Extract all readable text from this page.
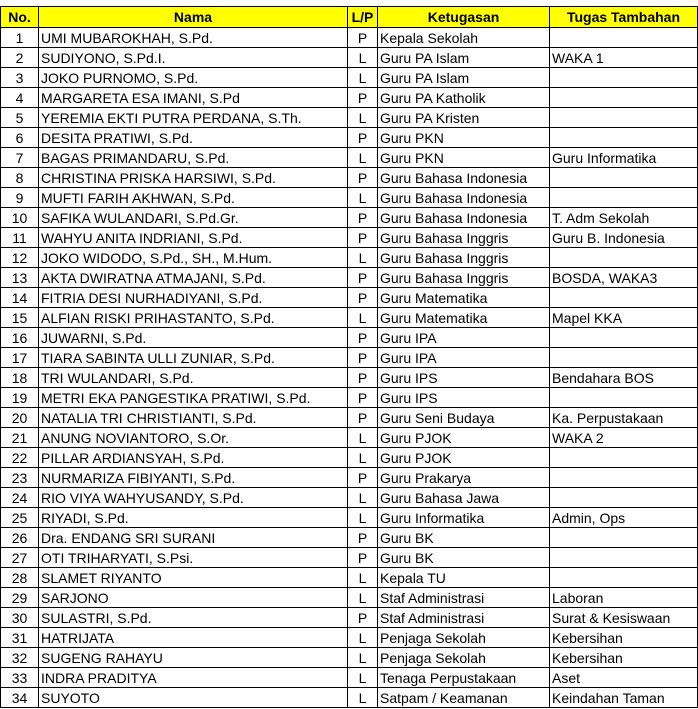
No.	Nama	L/P	Ketugasan	Tugas Tambahan
1	UMI MUBAROKHAH, S.Pd.	P	Kepala Sekolah	
2	SUDIYONO, S.Pd.I.	L	Guru PA Islam	WAKA 1
3	JOKO PURNOMO, S.Pd.	L	Guru PA Islam	
4	MARGARETA ESA IMANI, S.Pd	P	Guru PA Katholik	
5	YEREMIA EKTI PUTRA PERDANA, S.Th.	L	Guru PA Kristen	
6	DESITA PRATIWI, S.Pd.	P	Guru PKN	
7	BAGAS PRIMANDARU, S.Pd.	L	Guru PKN	Guru Informatika
8	CHRISTINA PRISKA HARSIWI, S.Pd.	P	Guru Bahasa Indonesia	
9	MUFTI FARIH AKHWAN, S.Pd.	L	Guru Bahasa Indonesia	
10	SAFIKA WULANDARI, S.Pd.Gr.	P	Guru Bahasa Indonesia	T. Adm Sekolah
11	WAHYU ANITA INDRIANI, S.Pd.	P	Guru Bahasa Inggris	Guru B. Indonesia
12	JOKO WIDODO, S.Pd., SH., M.Hum.	L	Guru Bahasa Inggris	
13	AKTA DWIRATNA ATMAJANI, S.Pd.	P	Guru Bahasa Inggris	BOSDA, WAKA3
14	FITRIA DESI NURHADIYANI, S.Pd.	P	Guru Matematika	
15	ALFIAN RISKI PRIHASTANTO, S.Pd.	L	Guru Matematika	Mapel KKA
16	JUWARNI, S.Pd.	P	Guru IPA	
17	TIARA SABINTA ULLI ZUNIAR, S.Pd.	P	Guru IPA	
18	TRI WULANDARI, S.Pd.	P	Guru IPS	Bendahara BOS
19	METRI EKA PANGESTIKA PRATIWI, S.Pd.	P	Guru IPS	
20	NATALIA TRI CHRISTIANTI, S.Pd.	P	Guru Seni Budaya	Ka. Perpustakaan
21	ANUNG NOVIANTORO, S.Or.	L	Guru PJOK	WAKA 2
22	PILLAR ARDIANSYAH, S.Pd.	L	Guru PJOK	
23	NURMARIZA FIBIYANTI, S.Pd.	P	Guru Prakarya	
24	RIO VIYA WAHYUSANDY, S.Pd.	L	Guru Bahasa Jawa	
25	RIYADI, S.Pd.	L	Guru Informatika	Admin, Ops
26	Dra. ENDANG SRI SURANI	P	Guru BK	
27	OTI TRIHARYATI, S.Psi.	P	Guru BK	
28	SLAMET RIYANTO	L	Kepala TU	
29	SARJONO	L	Staf Administrasi	Laboran
30	SULASTRI, S.Pd.	P	Staf Administrasi	Surat & Kesiswaan
31	HATRIJATA	L	Penjaga Sekolah	Kebersihan
32	SUGENG RAHAYU	L	Penjaga Sekolah	Kebersihan
33	INDRA PRADITYA	L	Tenaga Perpustakaan	Aset
34	SUYOTO	L	Satpam / Keamanan	Keindahan Taman
